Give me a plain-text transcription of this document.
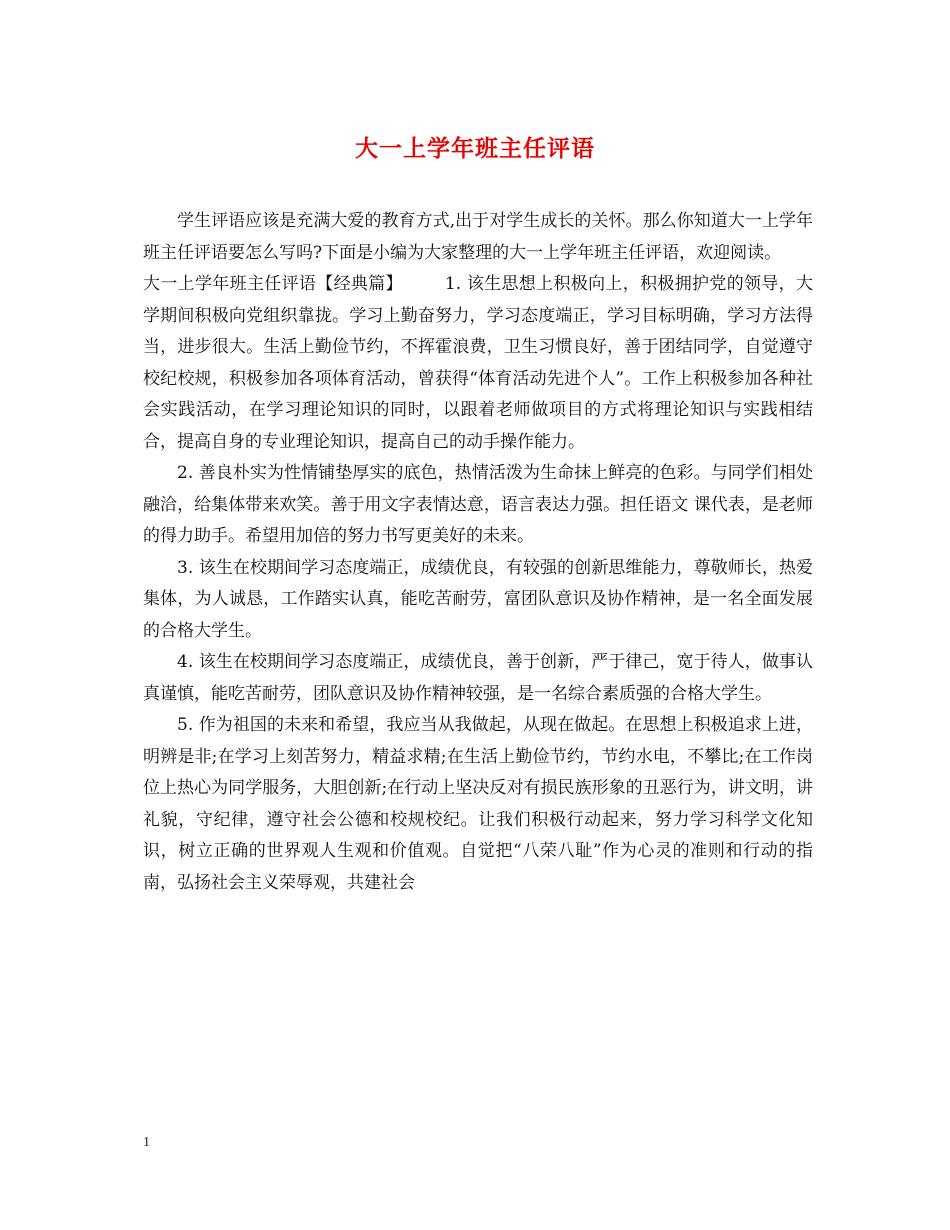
大一上学年班主任评语

学生评语应该是充满大爱的教育方式,出于对学生成长的关怀。那么你知道大一上学年班主任评语要怎么写吗?下面是小编为大家整理的大一上学年班主任评语，欢迎阅读。

大一上学年班主任评语【经典篇】 1. 该生思想上积极向上，积极拥护党的领导，大学期间积极向党组织靠拢。学习上勤奋努力，学习态度端正，学习目标明确，学习方法得当，进步很大。生活上勤俭节约，不挥霍浪费，卫生习惯良好，善于团结同学，自觉遵守校纪校规，积极参加各项体育活动，曾获得“体育活动先进个人”。工作上积极参加各种社会实践活动，在学习理论知识的同时，以跟着老师做项目的方式将理论知识与实践相结合，提高自身的专业理论知识，提高自己的动手操作能力。

2. 善良朴实为性情铺垫厚实的底色，热情活泼为生命抹上鲜亮的色彩。与同学们相处融洽，给集体带来欢笑。善于用文字表情达意，语言表达力强。担任语文 课代表，是老师的得力助手。希望用加倍的努力书写更美好的未来。

3. 该生在校期间学习态度端正，成绩优良，有较强的创新思维能力，尊敬师长，热爱集体，为人诚恳，工作踏实认真，能吃苦耐劳，富团队意识及协作精神，是一名全面发展的合格大学生。

4. 该生在校期间学习态度端正，成绩优良，善于创新，严于律己，宽于待人，做事认真谨慎，能吃苦耐劳，团队意识及协作精神较强，是一名综合素质强的合格大学生。

5. 作为祖国的未来和希望，我应当从我做起，从现在做起。在思想上积极追求上进，明辨是非;在学习上刻苦努力，精益求精;在生活上勤俭节约，节约水电，不攀比;在工作岗位上热心为同学服务，大胆创新;在行动上坚决反对有损民族形象的丑恶行为，讲文明，讲礼貌，守纪律，遵守社会公德和校规校纪。让我们积极行动起来，努力学习科学文化知识，树立正确的世界观人生观和价值观。自觉把“八荣八耻”作为心灵的准则和行动的指南，弘扬社会主义荣辱观，共建社会

1
